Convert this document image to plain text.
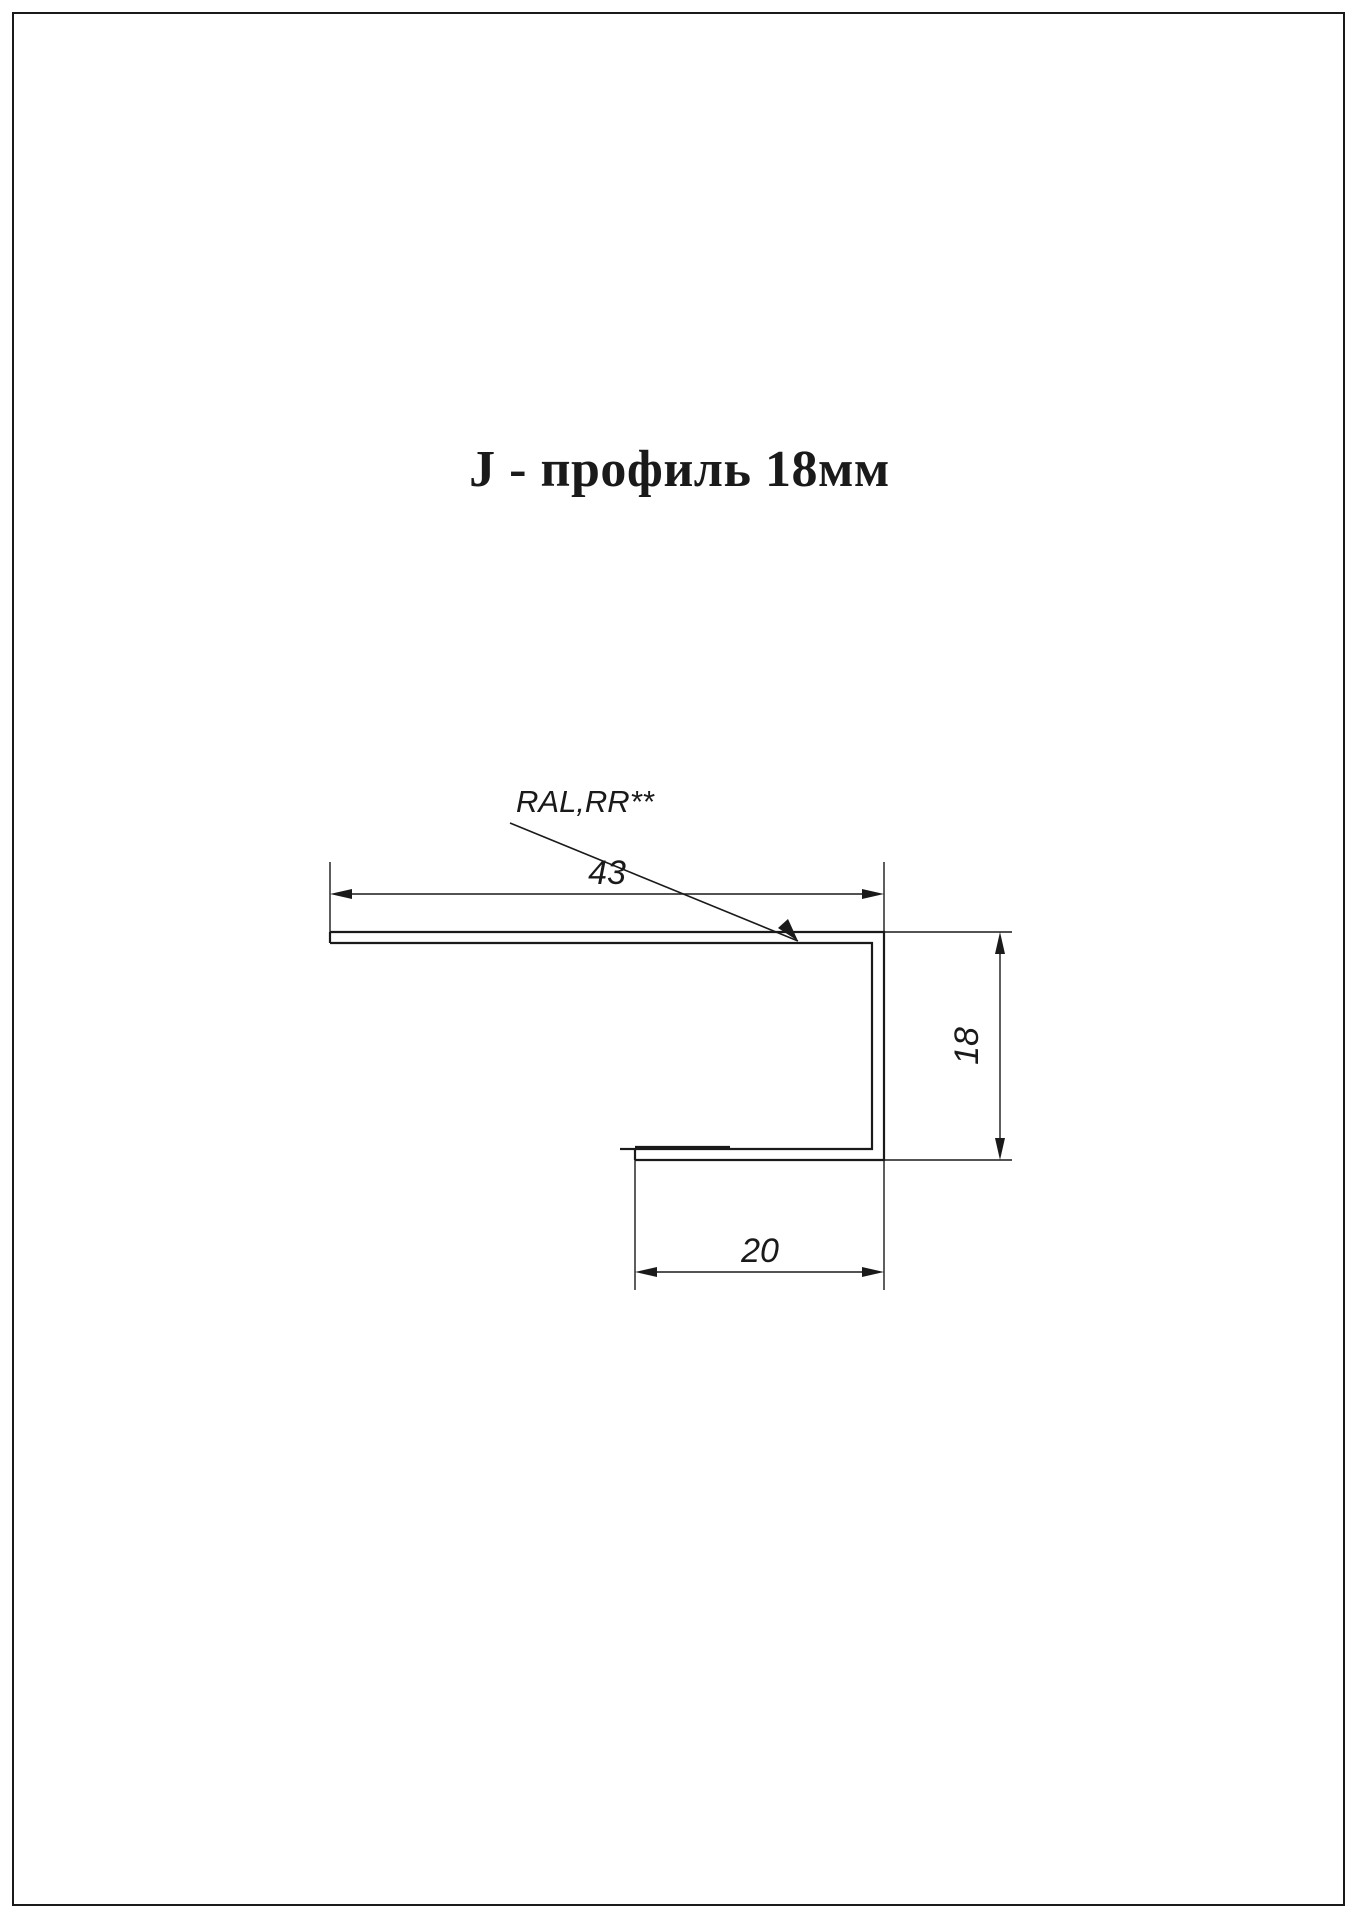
J - профиль 18мм
43
18
20
RAL,RR**
